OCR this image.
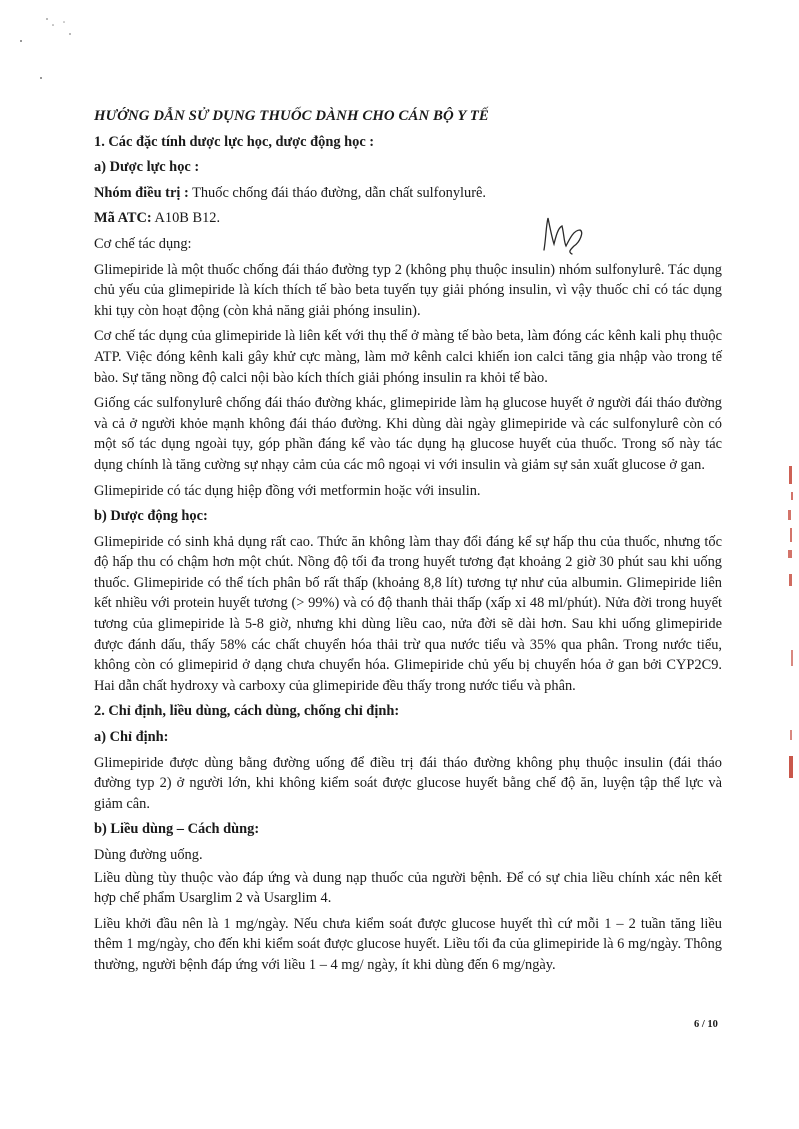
HƯỚNG DẪN SỬ DỤNG THUỐC DÀNH CHO CÁN BỘ Y TẾ
1. Các đặc tính dược lực học, dược động học :
a) Dược lực học :
Nhóm điều trị : Thuốc chống đái tháo đường, dẫn chất sulfonylurê.
Mã ATC: A10B B12.
Cơ chế tác dụng:

Glimepiride là một thuốc chống đái tháo đường typ 2 (không phụ thuộc insulin) nhóm sulfonylurê. Tác dụng chủ yếu của glimepiride là kích thích tế bào beta tuyến tụy giải phóng insulin, vì vậy thuốc chỉ có tác dụng khi tụy còn hoạt động (còn khả năng giải phóng insulin).

Cơ chế tác dụng của glimepiride là liên kết với thụ thể ở màng tế bào beta, làm đóng các kênh kali phụ thuộc ATP. Việc đóng kênh kali gây khử cực màng, làm mở kênh calci khiến ion calci tăng gia nhập vào trong tế bào. Sự tăng nồng độ calci nội bào kích thích giải phóng insulin ra khỏi tế bào.

Giống các sulfonylurê chống đái tháo đường khác, glimepiride làm hạ glucose huyết ở người đái tháo đường và cả ở người khỏe mạnh không đái tháo đường. Khi dùng dài ngày glimepiride và các sulfonylurê còn có một số tác dụng ngoài tụy, góp phần đáng kể vào tác dụng hạ glucose huyết của thuốc. Trong số này tác dụng chính là tăng cường sự nhạy cảm của các mô ngoại vi với insulin và giảm sự sản xuất glucose ở gan.

Glimepiride có tác dụng hiệp đồng với metformin hoặc với insulin.

b) Dược động học:

Glimepiride có sinh khả dụng rất cao. Thức ăn không làm thay đổi đáng kể sự hấp thu của thuốc, nhưng tốc độ hấp thu có chậm hơn một chút. Nồng độ tối đa trong huyết tương đạt khoảng 2 giờ 30 phút sau khi uống thuốc. Glimepiride có thể tích phân bố rất thấp (khoảng 8,8 lít) tương tự như của albumin. Glimepiride liên kết nhiều với protein huyết tương (> 99%) và có độ thanh thải thấp (xấp xỉ 48 ml/phút). Nửa đời trong huyết tương của glimepiride là 5-8 giờ, nhưng khi dùng liều cao, nửa đời sẽ dài hơn. Sau khi uống glimepiride được đánh dấu, thấy 58% các chất chuyển hóa thải trừ qua nước tiểu và 35% qua phân. Trong nước tiểu, không còn có glimepirid ở dạng chưa chuyển hóa. Glimepiride chủ yếu bị chuyển hóa ở gan bởi CYP2C9. Hai dẫn chất hydroxy và carboxy của glimepiride đều thấy trong nước tiểu và phân.

2. Chỉ định, liều dùng, cách dùng, chống chỉ định:
a) Chỉ định:

Glimepiride được dùng bằng đường uống để điều trị đái tháo đường không phụ thuộc insulin (đái tháo đường typ 2) ở người lớn, khi không kiểm soát được glucose huyết bằng chế độ ăn, luyện tập thể lực và giảm cân.

b) Liều dùng – Cách dùng:

Dùng đường uống.

Liều dùng tùy thuộc vào đáp ứng và dung nạp thuốc của người bệnh. Để có sự chia liều chính xác nên kết hợp chế phẩm Usarglim 2 và Usarglim 4.

Liều khởi đầu nên là 1 mg/ngày. Nếu chưa kiểm soát được glucose huyết thì cứ mỗi 1 – 2 tuần tăng liều thêm 1 mg/ngày, cho đến khi kiểm soát được glucose huyết. Liều tối đa của glimepiride là 6 mg/ngày. Thông thường, người bệnh đáp ứng với liều 1 – 4 mg/ ngày, ít khi dùng đến 6 mg/ngày.

6 / 10
